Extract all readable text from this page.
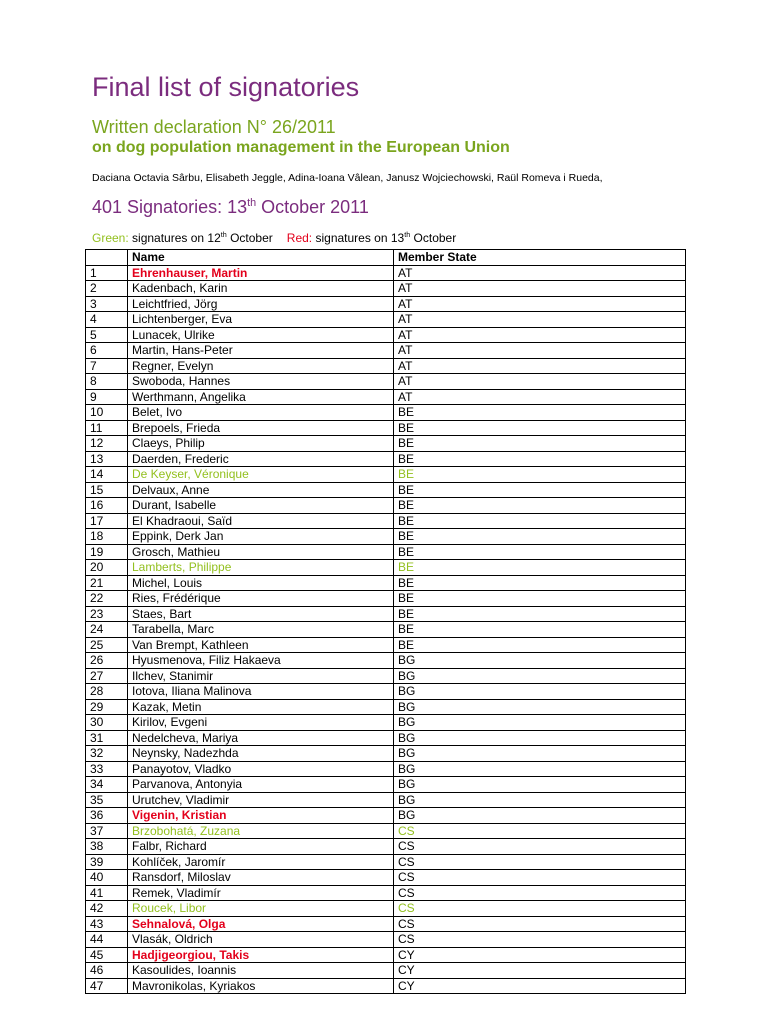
Final list of signatories
Written declaration N° 26/2011
on dog population management in the European Union
Daciana Octavia Sârbu, Elisabeth Jeggle, Adina-Ioana Vâlean, Janusz Wojciechowski, Raül Romeva i Rueda,
401 Signatories: 13th October 2011
Green: signatures on 12th October Red: signatures on 13th October
	Name	Member State
1	Ehrenhauser, Martin	AT
2	Kadenbach, Karin	AT
3	Leichtfried, Jörg	AT
4	Lichtenberger, Eva	AT
5	Lunacek, Ulrike	AT
6	Martin, Hans-Peter	AT
7	Regner, Evelyn	AT
8	Swoboda, Hannes	AT
9	Werthmann, Angelika	AT
10	Belet, Ivo	BE
11	Brepoels, Frieda	BE
12	Claeys, Philip	BE
13	Daerden, Frederic	BE
14	De Keyser, Véronique	BE
15	Delvaux, Anne	BE
16	Durant, Isabelle	BE
17	El Khadraoui, Saïd	BE
18	Eppink, Derk Jan	BE
19	Grosch, Mathieu	BE
20	Lamberts, Philippe	BE
21	Michel, Louis	BE
22	Ries, Frédérique	BE
23	Staes, Bart	BE
24	Tarabella, Marc	BE
25	Van Brempt, Kathleen	BE
26	Hyusmenova, Filiz Hakaeva	BG
27	Ilchev, Stanimir	BG
28	Iotova, Iliana Malinova	BG
29	Kazak, Metin	BG
30	Kirilov, Evgeni	BG
31	Nedelcheva, Mariya	BG
32	Neynsky, Nadezhda	BG
33	Panayotov, Vladko	BG
34	Parvanova, Antonyia	BG
35	Urutchev, Vladimir	BG
36	Vigenin, Kristian	BG
37	Brzobohatá, Zuzana	CS
38	Falbr, Richard	CS
39	Kohlíček, Jaromír	CS
40	Ransdorf, Miloslav	CS
41	Remek, Vladimír	CS
42	Roucek, Libor	CS
43	Sehnalová, Olga	CS
44	Vlasák, Oldrich	CS
45	Hadjigeorgiou, Takis	CY
46	Kasoulides, Ioannis	CY
47	Mavronikolas, Kyriakos	CY
